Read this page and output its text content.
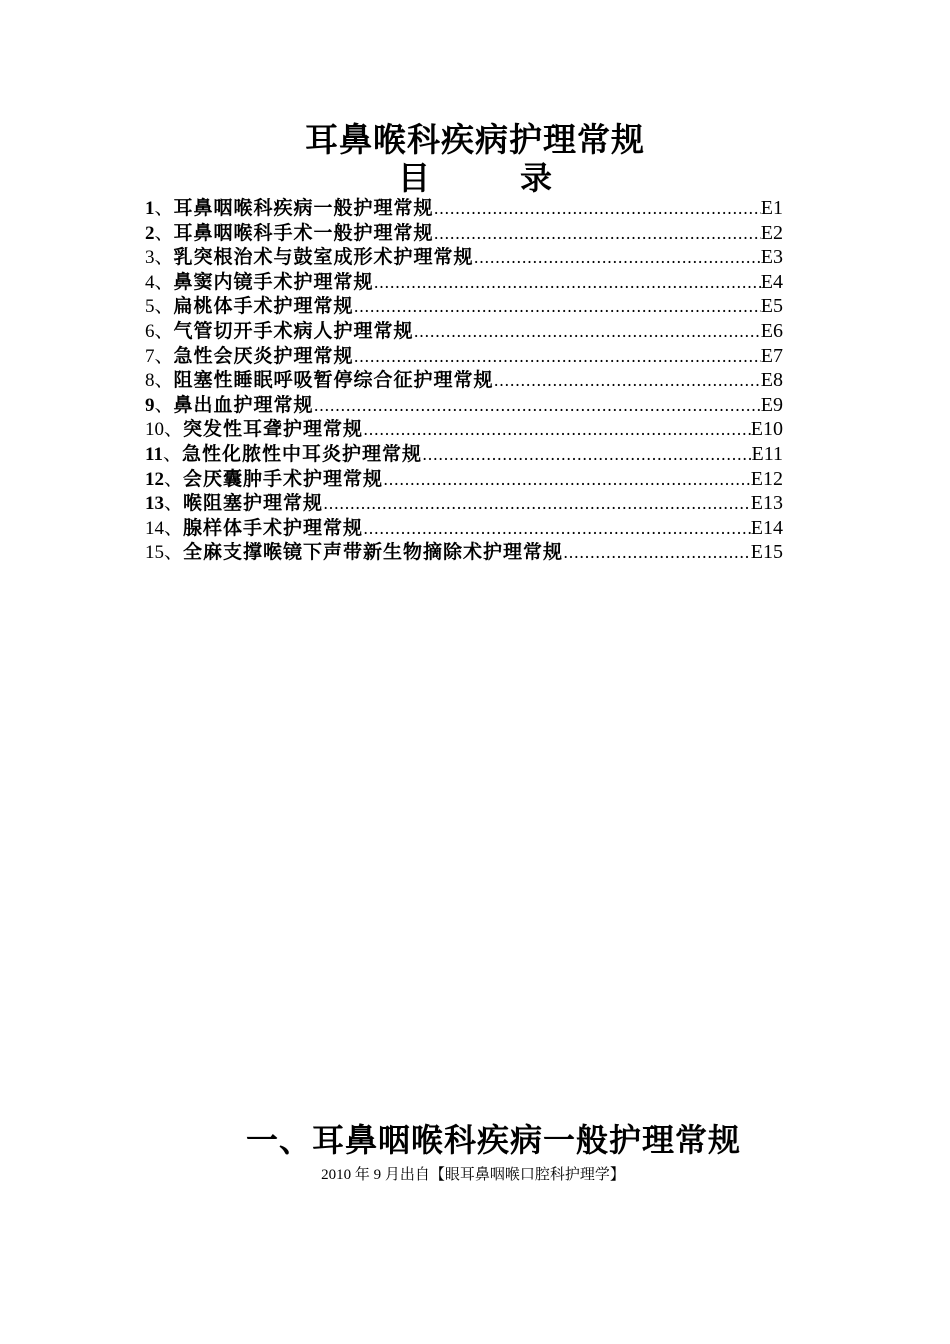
耳鼻喉科疾病护理常规
目	录
1 、 耳鼻咽喉科疾病一般护理常规 …………………………………………………………………………………………………………………………	E1
2 、 耳鼻咽喉科手术一般护理常规 …………………………………………………………………………………………………………………………	E2
3 、 乳突根治术与鼓室成形术护理常规 …………………………………………………………………………………………………………………………	E3
4 、 鼻窦内镜手术护理常规 …………………………………………………………………………………………………………………………	E4
5 、 扁桃体手术护理常规 …………………………………………………………………………………………………………………………	E5
6 、 气管切开手术病人护理常规 …………………………………………………………………………………………………………………………	E6
7 、 急性会厌炎护理常规 …………………………………………………………………………………………………………………………	E7
8 、 阻塞性睡眠呼吸暂停综合征护理常规 …………………………………………………………………………………………………………………………	E8
9 、 鼻出血护理常规 …………………………………………………………………………………………………………………………	E9
10 、 突发性耳聋护理常规 …………………………………………………………………………………………………………………………	E10
11 、 急性化脓性中耳炎护理常规 …………………………………………………………………………………………………………………………	E11
12 、 会厌囊肿手术护理常规 …………………………………………………………………………………………………………………………	E12
13 、 喉阻塞护理常规 …………………………………………………………………………………………………………………………	E13
14 、 腺样体手术护理常规 …………………………………………………………………………………………………………………………	E14
15 、 全麻支撑喉镜下声带新生物摘除术护理常规 …………………………………………………………………………………………………………………………	E15
一、耳鼻咽喉科疾病一般护理常规
2010 年 9 月出自【眼耳鼻咽喉口腔科护理学】
